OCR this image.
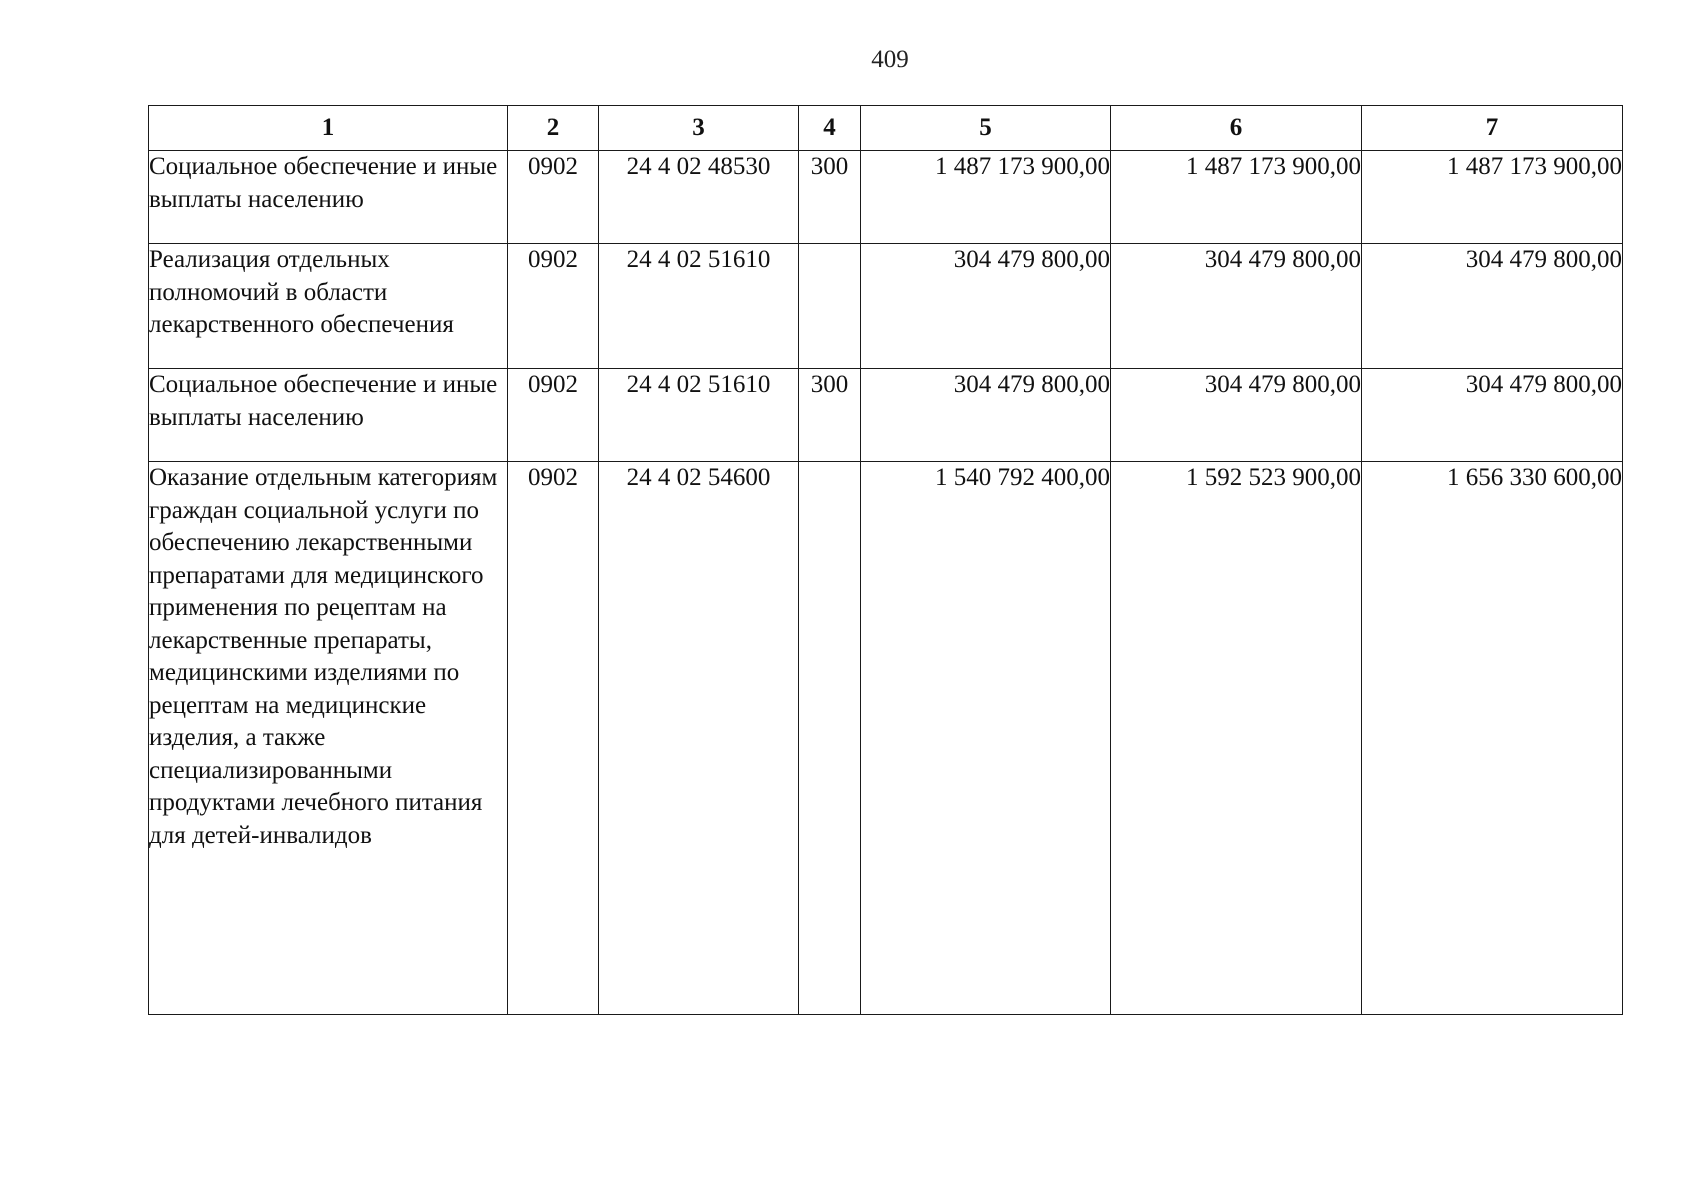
409
1	2	3	4	5	6	7
Социальное обеспечение и иные выплаты населению	0902	24 4 02 48530	300	1 487 173 900,00	1 487 173 900,00	1 487 173 900,00
Реализация отдельных полномочий в области лекарственного обеспечения	0902	24 4 02 51610		304 479 800,00	304 479 800,00	304 479 800,00
Социальное обеспечение и иные выплаты населению	0902	24 4 02 51610	300	304 479 800,00	304 479 800,00	304 479 800,00
Оказание отдельным категориям граждан социальной услуги по обеспечению лекарственными препаратами для медицинского применения по рецептам на лекарственные препараты, медицинскими изделиями по рецептам на медицинские изделия, а также специализированными продуктами лечебного питания для детей-инвалидов	0902	24 4 02 54600		1 540 792 400,00	1 592 523 900,00	1 656 330 600,00
